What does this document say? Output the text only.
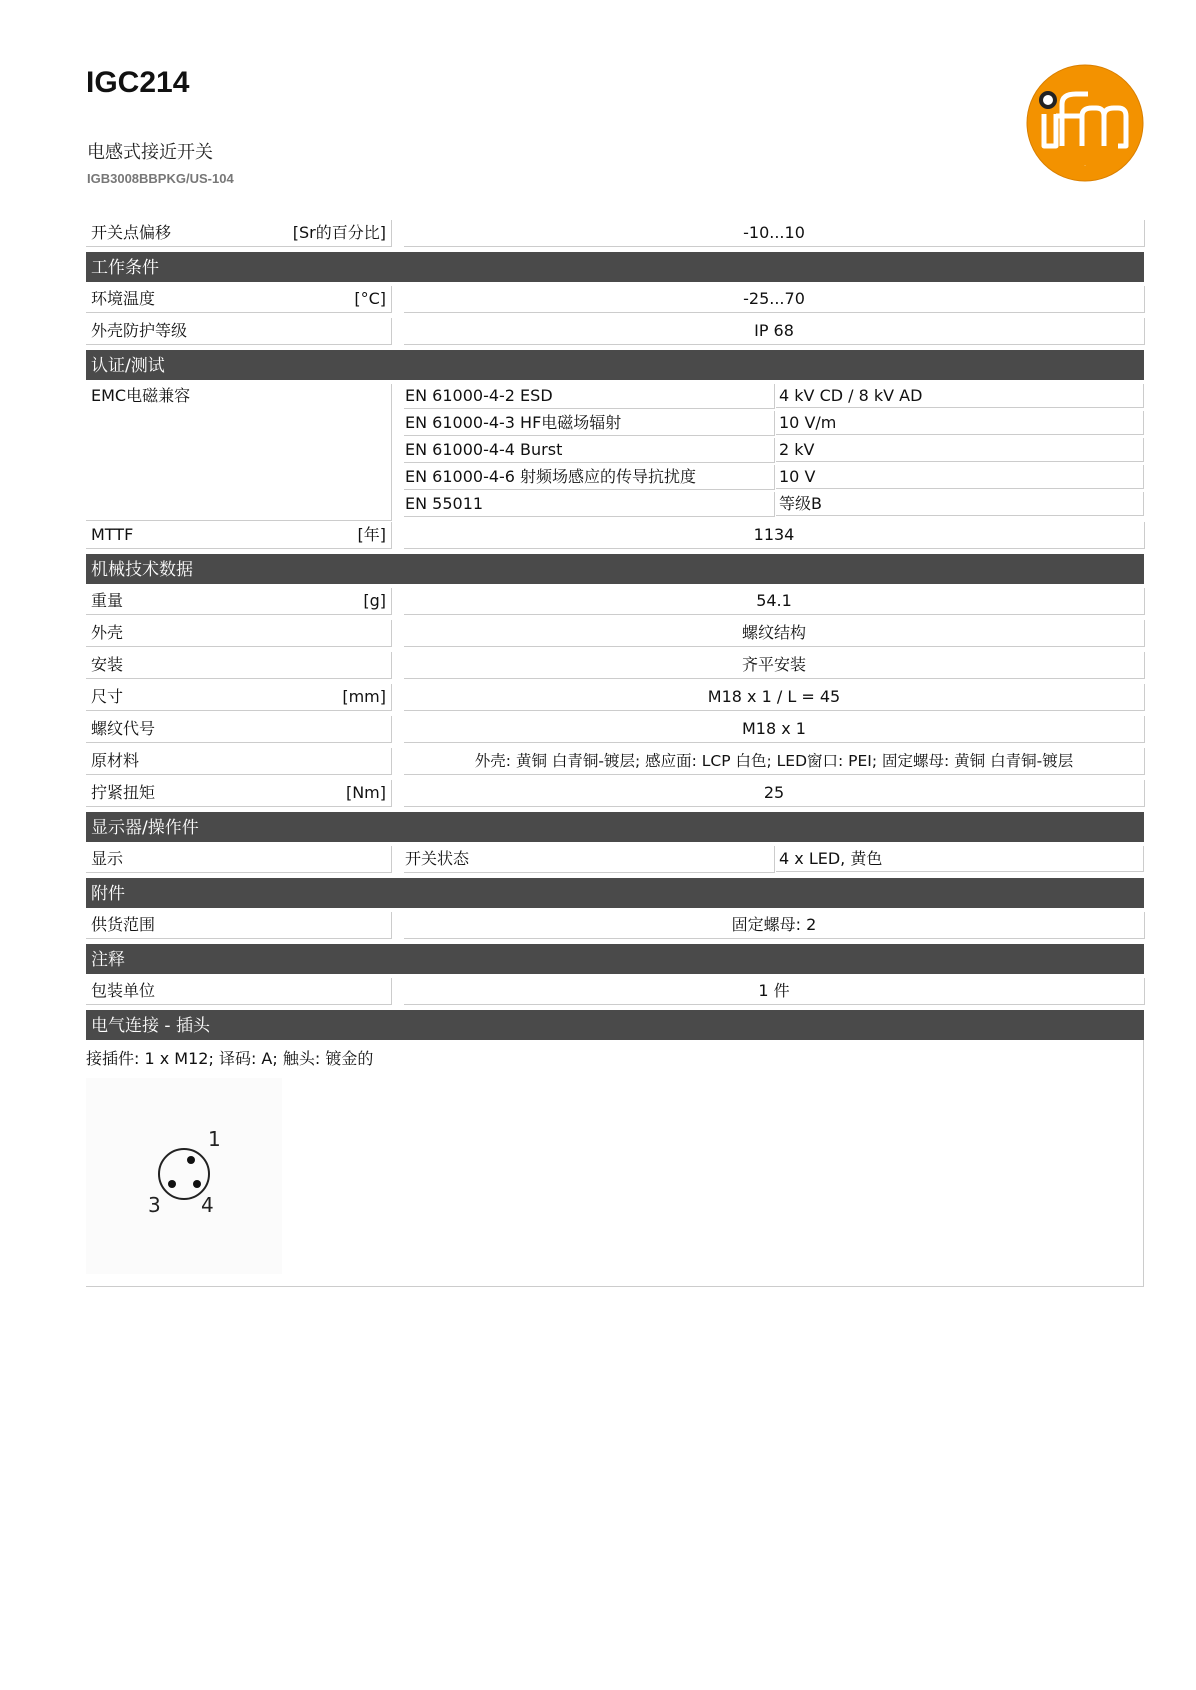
IGC214
电感式接近开关
IGB3008BBPKG/US-104
ifm
开关点偏移	[Sr的百分比]	-10...10
工作条件
环境温度	[°C]	-25...70
外壳防护等级	IP 68
认证/测试
EMC电磁兼容	EN 61000-4-2 ESD	4 kV CD / 8 kV AD
EN 61000-4-3 HF电磁场辐射	10 V/m
EN 61000-4-4 Burst	2 kV
EN 61000-4-6 射频场感应的传导抗扰度	10 V
EN 55011	等级B
MTTF	[年]	1134
机械技术数据
重量	[g]	54.1
外壳	螺纹结构
安装	齐平安装
尺寸	[mm]	M18 x 1 / L = 45
螺纹代号	M18 x 1
原材料	外壳: 黄铜 白青铜-镀层; 感应面: LCP 白色; LED窗口: PEI; 固定螺母: 黄铜 白青铜-镀层
拧紧扭矩	[Nm]	25
显示器/操作件
显示	开关状态	4 x LED, 黄色
附件
供货范围	固定螺母: 2
注释
包装单位	1 件
电气连接 - 插头
接插件: 1 x M12; 译码: A; 触头: 镀金的
1
3 4
